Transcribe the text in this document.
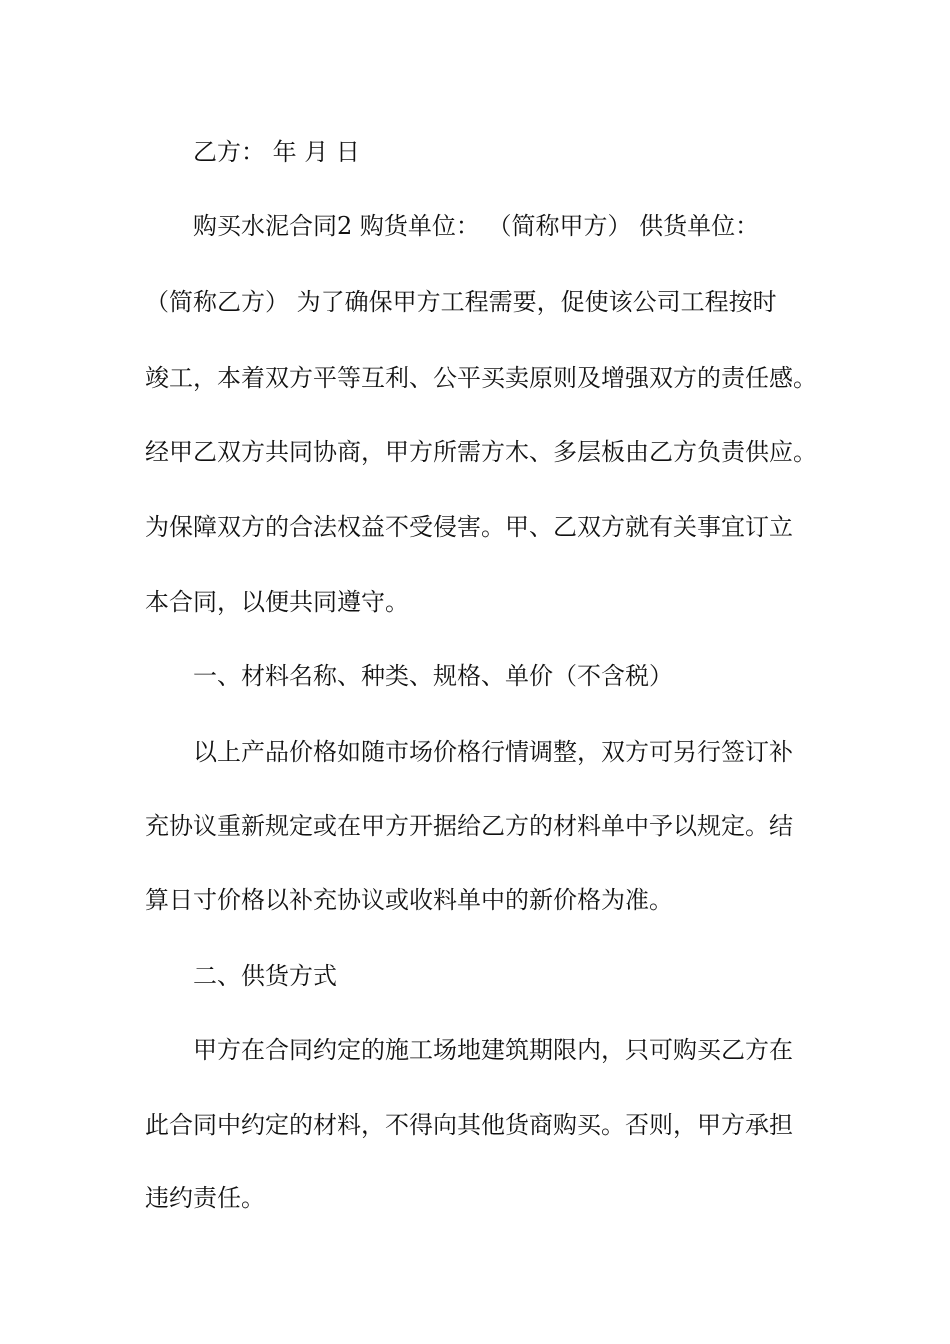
乙方： 年 月 日
购买水泥合同2 购货单位： （简称甲方） 供货单位：
（简称乙方） 为了确保甲方工程需要，促使该公司工程按时
竣工，本着双方平等互利、公平买卖原则及增强双方的责任感。
经甲乙双方共同协商，甲方所需方木、多层板由乙方负责供应。
为保障双方的合法权益不受侵害。甲、乙双方就有关事宜订立
本合同，以便共同遵守。
一、材料名称、种类、规格、单价（不含税）
以上产品价格如随市场价格行情调整，双方可另行签订补
充协议重新规定或在甲方开据给乙方的材料单中予以规定。结
算日寸价格以补充协议或收料单中的新价格为准。
二、供货方式
甲方在合同约定的施工场地建筑期限内，只可购买乙方在
此合同中约定的材料，不得向其他货商购买。否则，甲方承担
违约责任。
